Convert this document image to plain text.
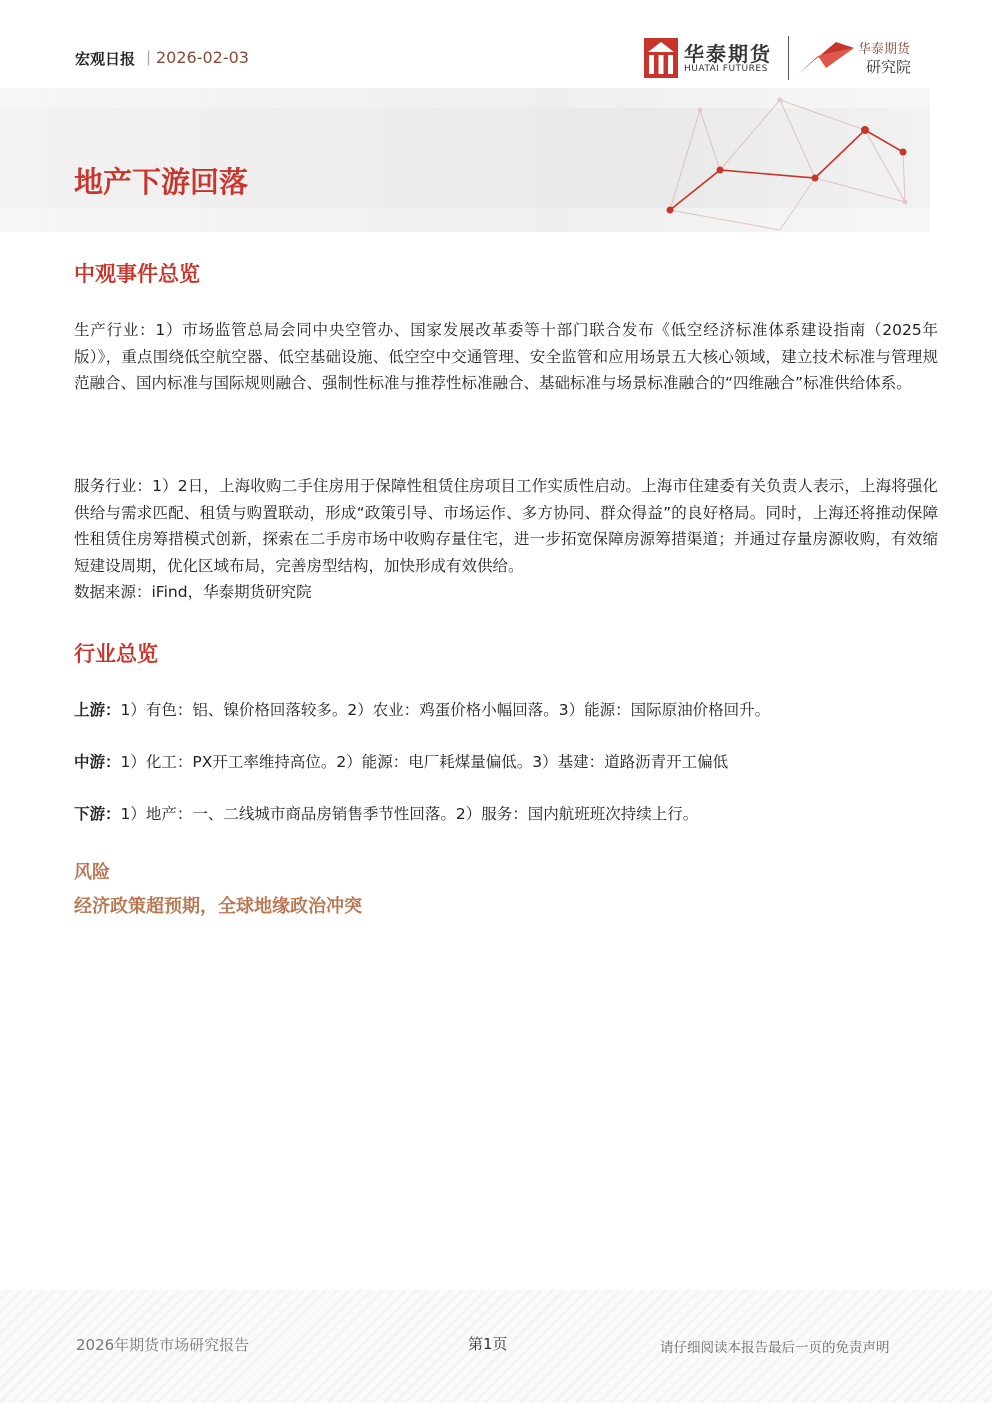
宏观日报 | 2026-02-03	华泰期货
HUATAI FUTURES
华泰期货
研究院
地产下游回落
中观事件总览

生产行业：1）市场监管总局会同中央空管办、国家发展改革委等十部门联合发布《低空经济标准体系建设指南（2025年版）》，重点围绕低空航空器、低空基础设施、低空空中交通管理、安全监管和应用场景五大核心领域，建立技术标准与管理规范融合、国内标准与国际规则融合、强制性标准与推荐性标准融合、基础标准与场景标准融合的“四维融合”标准供给体系。

服务行业：1）2日，上海收购二手住房用于保障性租赁住房项目工作实质性启动。上海市住建委有关负责人表示，上海将强化供给与需求匹配、租赁与购置联动，形成“政策引导、市场运作、多方协同、群众得益”的良好格局。同时，上海还将推动保障性租赁住房筹措模式创新，探索在二手房市场中收购存量住宅，进一步拓宽保障房源筹措渠道；并通过存量房源收购，有效缩短建设周期，优化区域布局，完善房型结构，加快形成有效供给。

数据来源：iFind，华泰期货研究院
行业总览
上游：1）有色：铝、镍价格回落较多。2）农业：鸡蛋价格小幅回落。3）能源：国际原油价格回升。
中游：1）化工：PX开工率维持高位。2）能源：电厂耗煤量偏低。3）基建：道路沥青开工偏低
下游：1）地产：一、二线城市商品房销售季节性回落。2）服务：国内航班班次持续上行。
风险
经济政策超预期，全球地缘政治冲突
2026年期货市场研究报告	第1页	请仔细阅读本报告最后一页的免责声明
